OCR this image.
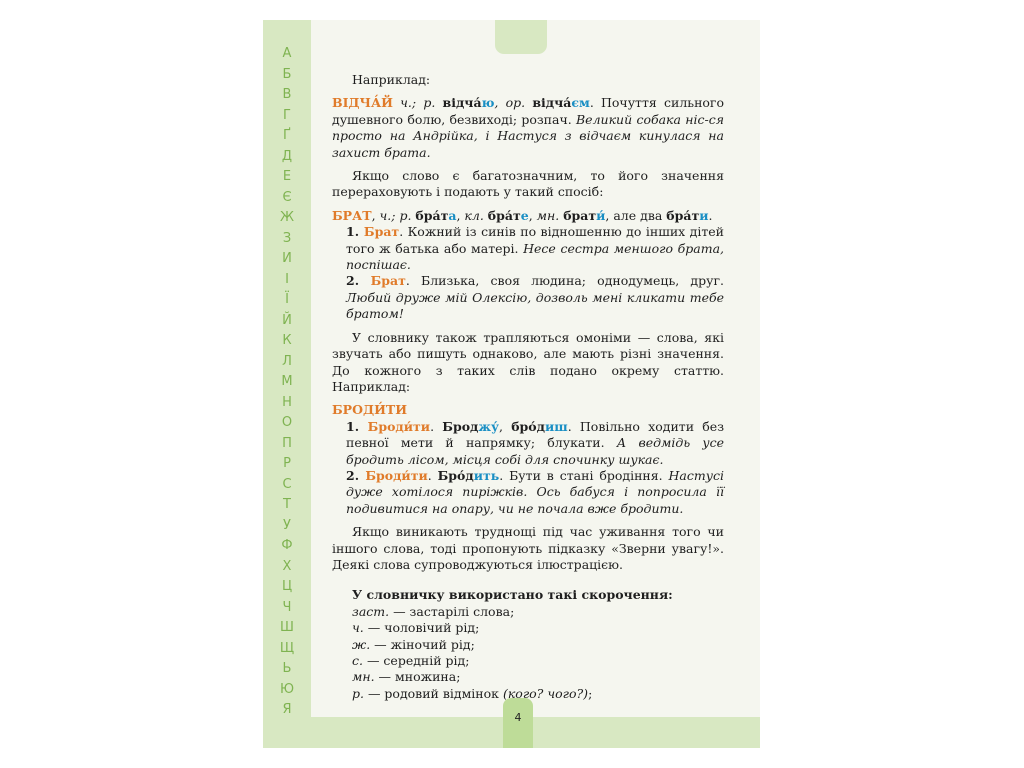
А
Б
В
Г
Ґ
Д
Е
Є
Ж
З
И
І
Ї
Й
К
Л
М
Н
О
П
Р
С
Т
У
Ф
Х
Ц
Ч
Ш
Щ
Ь
Ю
Я
4

Наприклад:

ВІДЧА́Й ч.; р. відча́ю, ор. відча́єм. Почуття сильного душевного болю, безвиході; розпач. Великий собака ніс-ся просто на Андрійка, і Настуся з відчаєм кинулася на захист брата.

Якщо слово є багатозначним, то його значення перераховують і подають у такий спосіб:

БРАТ, ч.; р. бра́та, кл. бра́те, мн. брати́, але два бра́ти.

1. Брат. Кожний із синів по відношенню до інших дітей того ж батька або матері. Несе сестра меншого брата, поспішає.

2. Брат. Близька, своя людина; однодумець, друг. Любий друже мій Олексію, дозволь мені кликати тебе братом!

У словнику також трапляються омоніми — слова, які звучать або пишуть однаково, але мають різні значення. До кожного з таких слів подано окрему статтю. Наприклад:

БРОДИ́ТИ

1. Броди́ти. Броджу́, бро́диш. Повільно ходити без певної мети й напрямку; блукати. А ведмідь усе бродить лісом, місця собі для спочинку шукає.

2. Броди́ти. Бро́дить. Бути в стані бродіння. Настусі дуже хотілося пиріжків. Ось бабуся і попросила її подивитися на опару, чи не почала вже бродити.

Якщо виникають труднощі під час уживання того чи іншого слова, тоді пропонують підказку «Зверни увагу!». Деякі слова супроводжуються ілюстрацією.

У словничку використано такі скорочення:

заст. — застарілі слова;

ч. — чоловічий рід;

ж. — жіночий рід;

с. — середній рід;

мн. — множина;

р. — родовий відмінок (кого? чого?);
